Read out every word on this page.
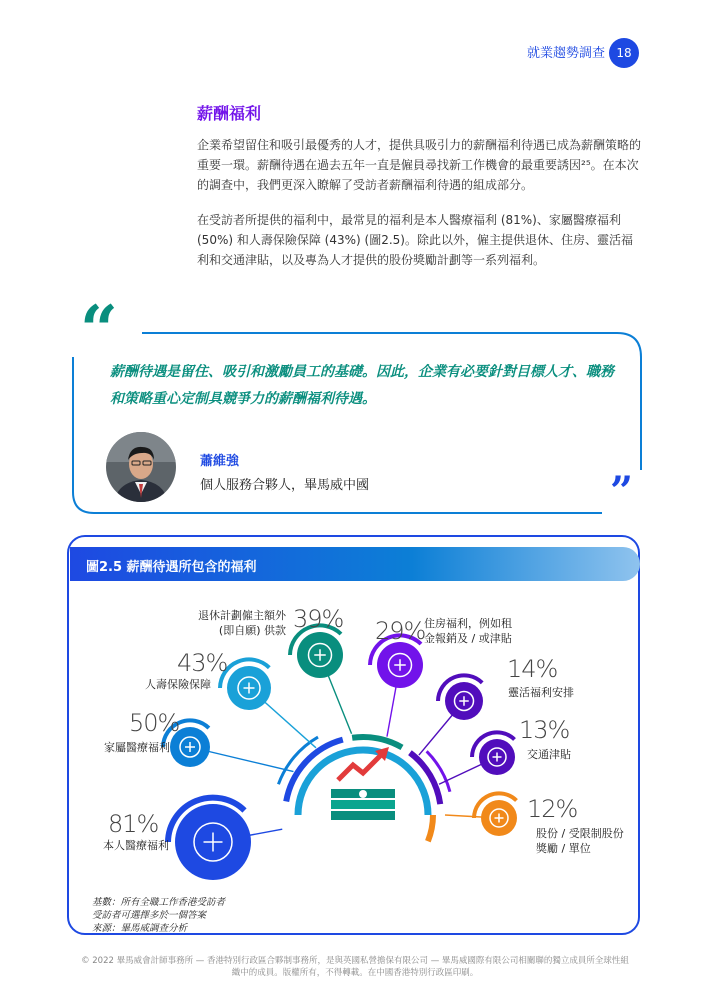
就業趨勢調查 18
薪酬福利
企業希望留住和吸引最優秀的人才，提供具吸引力的薪酬福利待遇已成為薪酬策略的重要一環。薪酬待遇在過去五年一直是僱員尋找新工作機會的最重要誘因²⁵。在本次的調查中，我們更深入瞭解了受訪者薪酬福利待遇的組成部分。
在受訪者所提供的福利中，最常見的福利是本人醫療福利 (81%)、家屬醫療福利 (50%) 和人壽保險保障 (43%) (圖2.5)。除此以外，僱主提供退休、住房、靈活福利和交通津貼，以及專為人才提供的股份獎勵計劃等一系列福利。
“
”
薪酬待遇是留住、吸引和激勵員工的基礎。因此，企業有必要針對目標人才、職務和策略重心定制具競爭力的薪酬福利待遇。
蕭維強
個人服務合夥人，畢馬威中國
圖2.5 薪酬待遇所包含的福利
81%
本人醫療福利
50%
家屬醫療福利
43%
人壽保險保障
39%
退休計劃僱主額外
(即自願) 供款	29%
住房福利，例如租
金報銷及 / 或津貼
14%
靈活福利安排
13%
交通津貼
12%
股份 / 受限制股份
獎勵 / 單位
基數：所有全職工作香港受訪者
受訪者可選擇多於一個答案
來源：畢馬威調查分析
© 2022 畢馬威會計師事務所 — 香港特別行政區合夥制事務所，是與英國私營擔保有限公司 — 畢馬威國際有限公司相關聯的獨立成員所全球性組
織中的成員。版權所有，不得轉載。在中國香港特別行政區印刷。
